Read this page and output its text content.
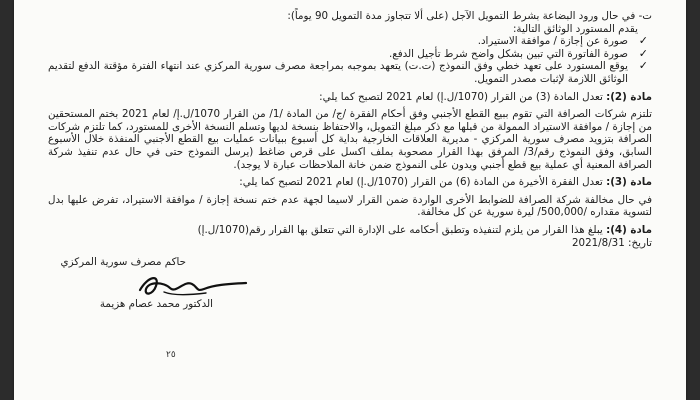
ت- في حال ورود البضاعة بشرط التمويل الآجل (على ألا تتجاوز مدة التمويل 90 يوماً):

يقدم المستورد الوثائق التالية:

✓
صورة عن إجازة / موافقة الاستيراد.

✓
صورة الفاتورة التي تبين بشكل واضح شرط تأجيل الدفع.

✓
يوقع المستورد على تعهد خطي وفق النموذج (ت.ت) يتعهد بموجبه بمراجعة مصرف سورية المركزي عند انتهاء الفترة مؤقتة الدفع لتقديم الوثائق اللازمة لإثبات مصدر التمويل.

مادة (2): تعدل المادة (3) من القرار (1070/ل.إ) لعام 2021 لتصبح كما يلي:

تلتزم شركات الصرافة التي تقوم ببيع القطع الأجنبي وفق أحكام الفقرة /ج/ من المادة /1/ من القرار 1070/ل.إ/ لعام 2021 بختم المستحقين من إجازة / موافقة الاستيراد الممولة من قبلها مع ذكر مبلغ التمويل، والاحتفاظ بنسخة لديها وتسلم النسخة الأخرى للمستورد، كما تلتزم شركات الصرافة بتزويد مصرف سورية المركزي - مديرية العلاقات الخارجية بداية كل أسبوع ببيانات عمليات بيع القطع الأجنبي المنفذة خلال الأسبوع السابق، وفق النموذج رقم/3/ المرفق بهذا القرار مصحوبة بملف اكسل على قرص ضاغط (يرسل النموذج حتى في حال عدم تنفيذ شركة الصرافة المعنية أي عملية بيع قطع أجنبي ويدون على النموذج ضمن خانة الملاحظات عبارة لا يوجد).

مادة (3): تعدل الفقرة الأخيرة من المادة (6) من القرار (1070/ل.إ) لعام 2021 لتصبح كما يلي:

في حال مخالفة شركة الصرافة للضوابط الأخرى الواردة ضمن القرار لاسيما لجهة عدم ختم نسخة إجازة / موافقة الاستيراد، تفرض عليها بدل لتسوية مقداره /500,000/ ليرة سورية عن كل مخالفة.

مادة (4): يبلغ هذا القرار من يلزم لتنفيذه وتطبق أحكامه على الإدارة التي تتعلق بها القرار رقم(1070/ل.إ)

تاريخ: 2021/8/31

حاكم مصرف سورية المركزي
الدكتور محمد عصام هزيمة
٢٥
